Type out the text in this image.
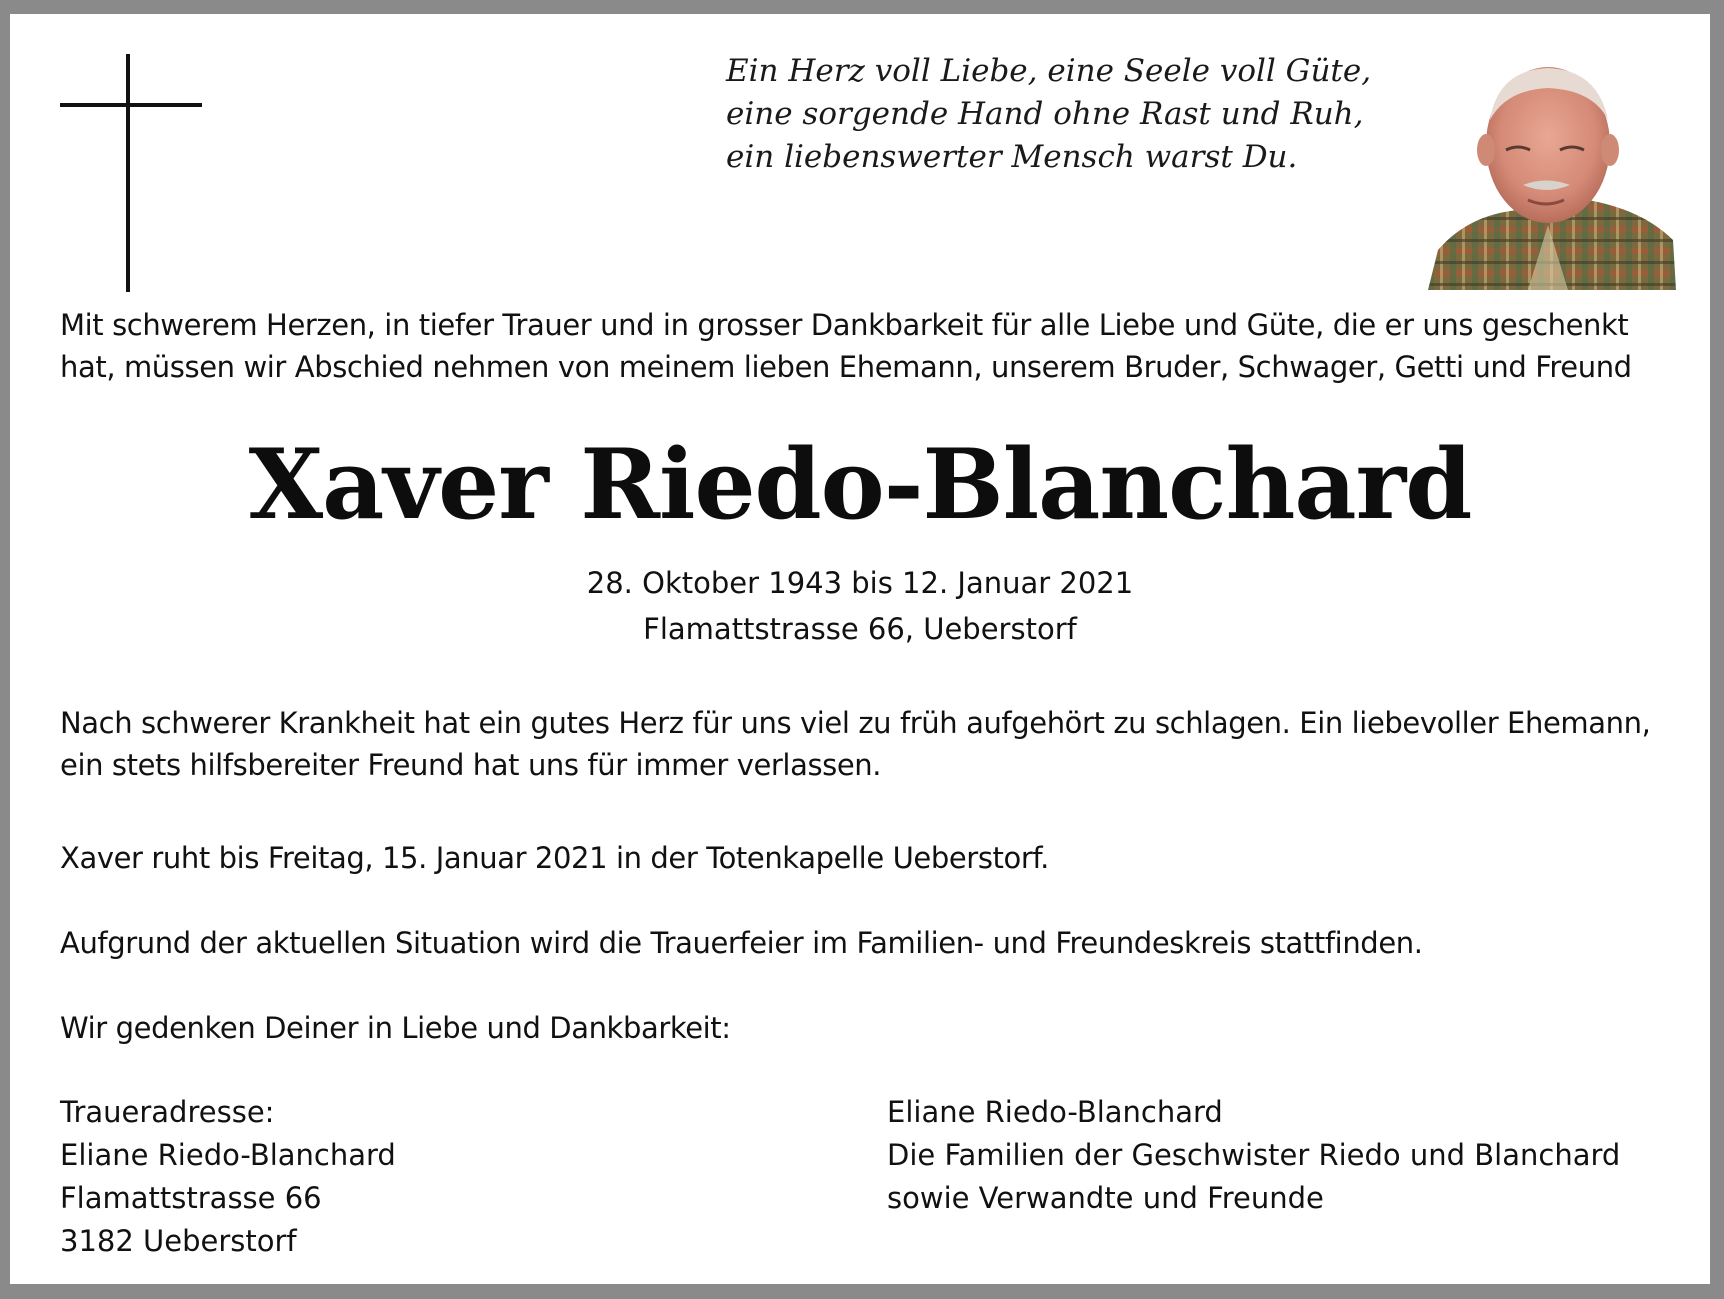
Ein Herz voll Liebe, eine Seele voll Güte,
eine sorgende Hand ohne Rast und Ruh,
ein liebenswerter Mensch warst Du.

Mit schwerem Herzen, in tiefer Trauer und in grosser Dankbarkeit für alle Liebe und Güte, die er uns geschenkt
hat, müssen wir Abschied nehmen von meinem lieben Ehemann, unserem Bruder, Schwager, Getti und Freund

Xaver Riedo-Blanchard

28. Oktober 1943 bis 12. Januar 2021
Flamattstrasse 66, Ueberstorf

Nach schwerer Krankheit hat ein gutes Herz für uns viel zu früh aufgehört zu schlagen. Ein liebevoller Ehemann,
ein stets hilfsbereiter Freund hat uns für immer verlassen.

Xaver ruht bis Freitag, 15. Januar 2021 in der Totenkapelle Ueberstorf.

Aufgrund der aktuellen Situation wird die Trauerfeier im Familien- und Freundeskreis stattfinden.

Wir gedenken Deiner in Liebe und Dankbarkeit:

Traueradresse:
Eliane Riedo-Blanchard
Flamattstrasse 66
3182 Ueberstorf

Eliane Riedo-Blanchard
Die Familien der Geschwister Riedo und Blanchard
sowie Verwandte und Freunde
